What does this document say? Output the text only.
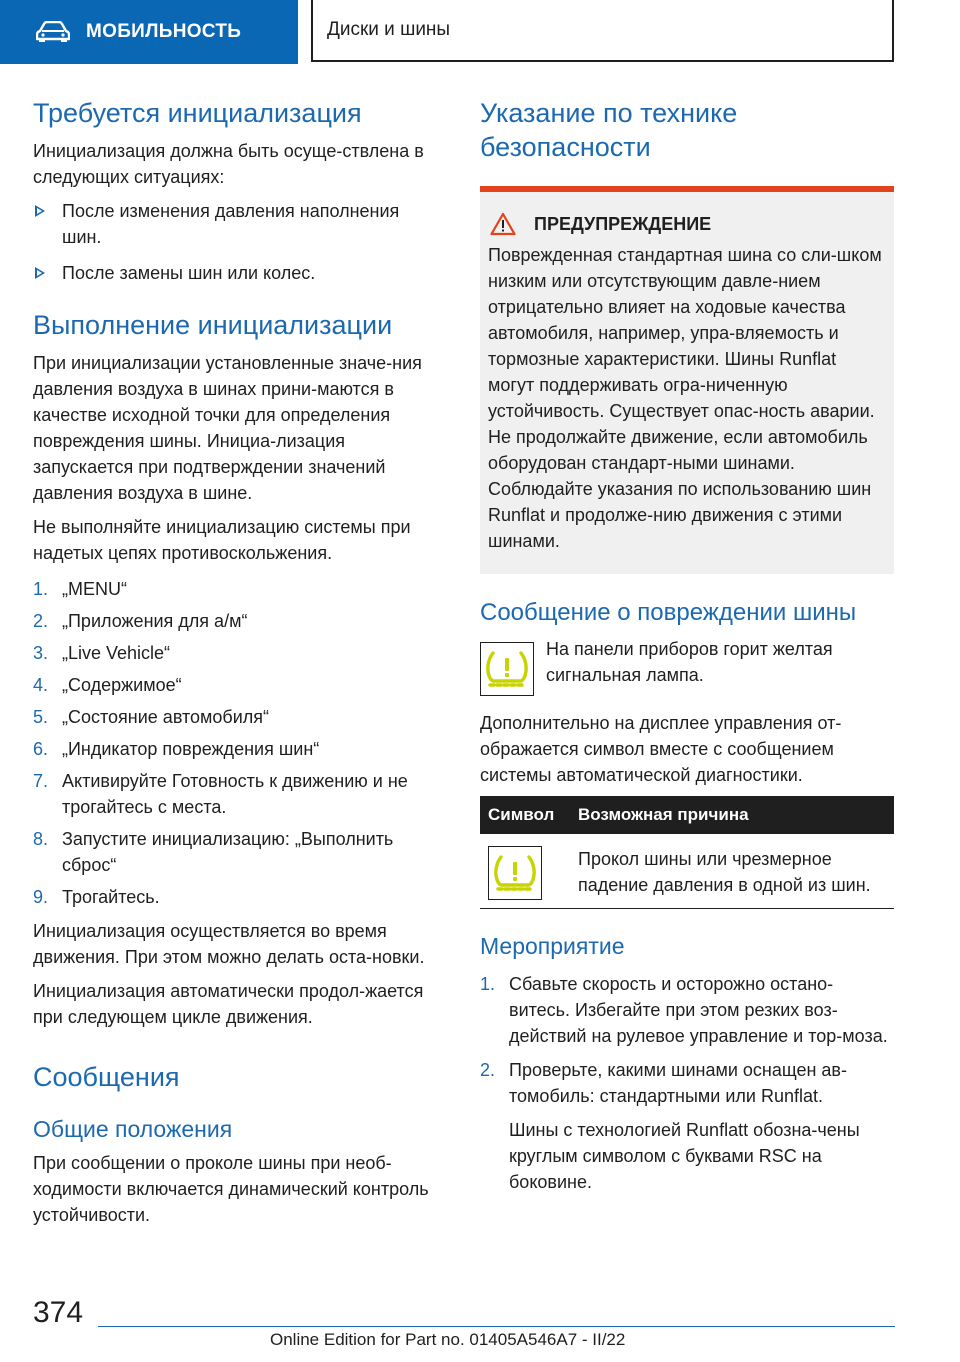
МОБИЛЬНОСТЬ	Диски и шины
Требуется инициализация

Инициализация должна быть осуще-ствлена в следующих ситуациях:

После изменения давления наполнения шин.
После замены шин или колес.
Выполнение инициализации

При инициализации установленные значе-ния давления воздуха в шинах прини-маются в качестве исходной точки для определения повреждения шины. Инициа-лизация запускается при подтверждении значений давления воздуха в шине.

Не выполняйте инициализацию системы при надетых цепях противоскольжения.

1. „MENU“
2. „Приложения для а/м“
3. „Live Vehicle“
4. „Содержимое“
5. „Состояние автомобиля“
6. „Индикатор повреждения шин“
7. Активируйте Готовность к движению и не трогайтесь с места.
8. Запустите инициализацию: „Выполнить сброс“
9. Трогайтесь.

Инициализация осуществляется во время движения. При этом можно делать оста-новки.

Инициализация автоматически продол-жается при следующем цикле движения.

Сообщения
Общие положения

При сообщении о проколе шины при необ-ходимости включается динамический контроль устойчивости.

Указание по технике безопасности
ПРЕДУПРЕЖДЕНИЕ

Поврежденная стандартная шина со сли-шком низким или отсутствующим давле-нием отрицательно влияет на ходовые качества автомобиля, например, упра-вляемость и тормозные характеристики. Шины Runflat могут поддерживать огра-ниченную устойчивость. Существует опас-ность аварии. Не продолжайте движение, если автомобиль оборудован стандарт-ными шинами. Соблюдайте указания по использованию шин Runflat и продолже-нию движения с этими шинами.

Сообщение о повреждении шины
На панели приборов горит желтая сигнальная лампа.

Дополнительно на дисплее управления от-ображается символ вместе с сообщением системы автоматической диагностики.

Символ	Возможная причина

	Прокол шины или чрезмерное падение давления в одной из шин.
Мероприятие
1. Сбавьте скорость и осторожно остано-витесь. Избегайте при этом резких воз-действий на рулевое управление и тор-моза.
2. Проверьте, какими шинами оснащен ав-томобиль: стандартными или Runflat.

Шины с технологией Runflatt обозна-чены круглым символом с буквами RSC на боковине.

374
Online Edition for Part no. 01405A546A7 - II/22
